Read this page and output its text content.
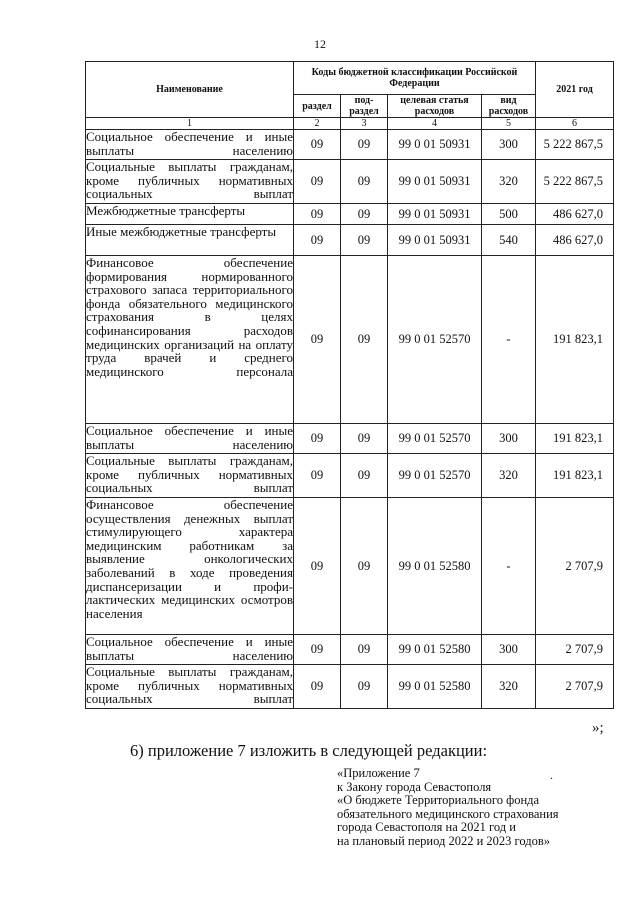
12
Наименование	Коды бюджетной классификации Российской Федерации				2021 год
	раздел	под-раздел	целевая статья расходов	вид расходов	
1	2	3	4	5	6
Социальное обеспечение и иные выплаты населению	09	09	99 0 01 50931	300	5 222 867,5
Социальные выплаты гражданам, кроме публичных нормативных социальных выплат	09	09	99 0 01 50931	320	5 222 867,5
Межбюджетные трансферты	09	09	99 0 01 50931	500	486 627,0
Иные межбюджетные трансферты	09	09	99 0 01 50931	540	486 627,0
Финансовое обеспечение формирования нормированного страхового запаса территориального фонда обязательного медицинского страхования в целях софинансирования расходов медицинских организаций на оплату труда врачей и среднего медицинского персонала	09	09	99 0 01 52570	-	191 823,1
Социальное обеспечение и иные выплаты населению	09	09	99 0 01 52570	300	191 823,1
Социальные выплаты гражданам, кроме публичных нормативных социальных выплат	09	09	99 0 01 52570	320	191 823,1
Финансовое обеспечение осуществления денежных выплат стимулирующего характера медицинским работникам за выявление онкологических заболеваний в ходе проведения диспансеризации и профи-лактических медицинских осмотров населения	09	09	99 0 01 52580	-	2 707,9
Социальное обеспечение и иные выплаты населению	09	09	99 0 01 52580	300	2 707,9
Социальные выплаты гражданам, кроме публичных нормативных социальных выплат	09	09	99 0 01 52580	320	2 707,9
»;
6) приложение 7 изложить в следующей редакции:
.
«Приложение 7
к Закону города Севастополя
«О бюджете Территориального фонда
обязательного медицинского страхования
города Севастополя на 2021 год и
на плановый период 2022 и 2023 годов»
